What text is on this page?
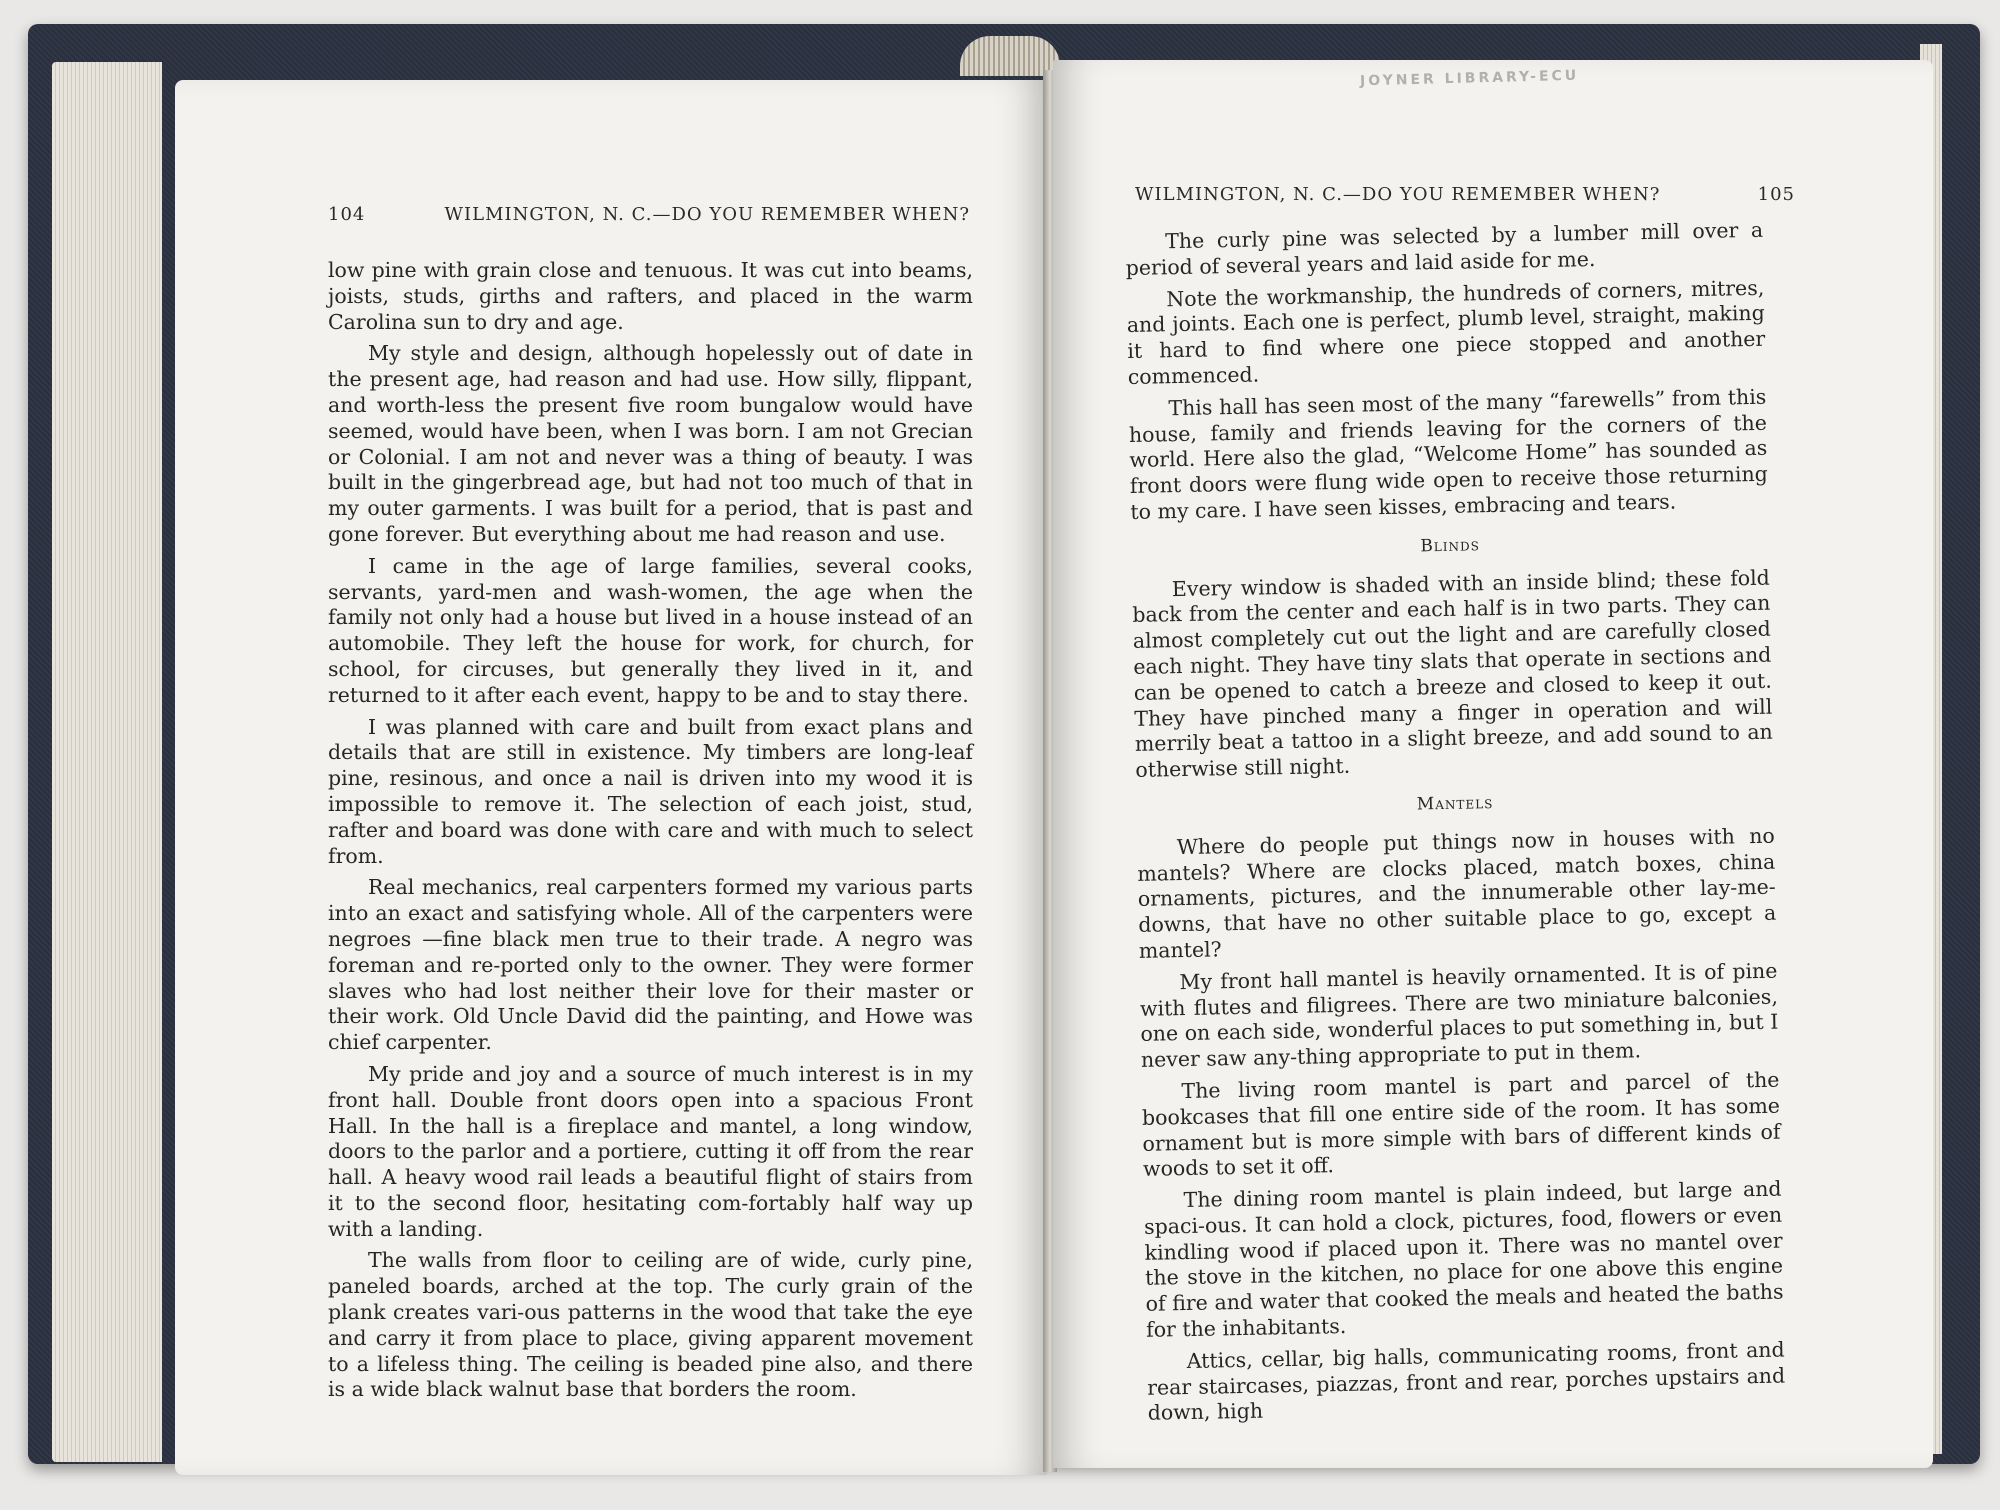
104	WILMINGTON, N. C.—DO YOU REMEMBER WHEN?

low pine with grain close and tenuous. It was cut into beams, joists, studs, girths and rafters, and placed in the warm Carolina sun to dry and age.

My style and design, although hopelessly out of date in the present age, had reason and had use. How silly, flippant, and worth-less the present five room bungalow would have seemed, would have been, when I was born. I am not Grecian or Colonial. I am not and never was a thing of beauty. I was built in the gingerbread age, but had not too much of that in my outer garments. I was built for a period, that is past and gone forever. But everything about me had reason and use.

I came in the age of large families, several cooks, servants, yard-men and wash-women, the age when the family not only had a house but lived in a house instead of an automobile. They left the house for work, for church, for school, for circuses, but generally they lived in it, and returned to it after each event, happy to be and to stay there.

I was planned with care and built from exact plans and details that are still in existence. My timbers are long-leaf pine, resinous, and once a nail is driven into my wood it is impossible to remove it. The selection of each joist, stud, rafter and board was done with care and with much to select from.

Real mechanics, real carpenters formed my various parts into an exact and satisfying whole. All of the carpenters were negroes —fine black men true to their trade. A negro was foreman and re-ported only to the owner. They were former slaves who had lost neither their love for their master or their work. Old Uncle David did the painting, and Howe was chief carpenter.

My pride and joy and a source of much interest is in my front hall. Double front doors open into a spacious Front Hall. In the hall is a fireplace and mantel, a long window, doors to the parlor and a portiere, cutting it off from the rear hall. A heavy wood rail leads a beautiful flight of stairs from it to the second floor, hesitating com-fortably half way up with a landing.

The walls from floor to ceiling are of wide, curly pine, paneled boards, arched at the top. The curly grain of the plank creates vari-ous patterns in the wood that take the eye and carry it from place to place, giving apparent movement to a lifeless thing. The ceiling is beaded pine also, and there is a wide black walnut base that borders the room.

WILMINGTON, N. C.—DO YOU REMEMBER WHEN?	105

The curly pine was selected by a lumber mill over a period of several years and laid aside for me.

Note the workmanship, the hundreds of corners, mitres, and joints. Each one is perfect, plumb level, straight, making it hard to find where one piece stopped and another commenced.

This hall has seen most of the many “farewells” from this house, family and friends leaving for the corners of the world. Here also the glad, “Welcome Home” has sounded as front doors were flung wide open to receive those returning to my care. I have seen kisses, embracing and tears.

Blinds

Every window is shaded with an inside blind; these fold back from the center and each half is in two parts. They can almost completely cut out the light and are carefully closed each night. They have tiny slats that operate in sections and can be opened to catch a breeze and closed to keep it out. They have pinched many a finger in operation and will merrily beat a tattoo in a slight breeze, and add sound to an otherwise still night.

Mantels

Where do people put things now in houses with no mantels? Where are clocks placed, match boxes, china ornaments, pictures, and the innumerable other lay-me-downs, that have no other suitable place to go, except a mantel?

My front hall mantel is heavily ornamented. It is of pine with flutes and filigrees. There are two miniature balconies, one on each side, wonderful places to put something in, but I never saw any-thing appropriate to put in them.

The living room mantel is part and parcel of the bookcases that fill one entire side of the room. It has some ornament but is more simple with bars of different kinds of woods to set it off.

The dining room mantel is plain indeed, but large and spaci-ous. It can hold a clock, pictures, food, flowers or even kindling wood if placed upon it. There was no mantel over the stove in the kitchen, no place for one above this engine of fire and water that cooked the meals and heated the baths for the inhabitants.

Attics, cellar, big halls, communicating rooms, front and rear staircases, piazzas, front and rear, porches upstairs and down, high

JOYNER LIBRARY-ECU
